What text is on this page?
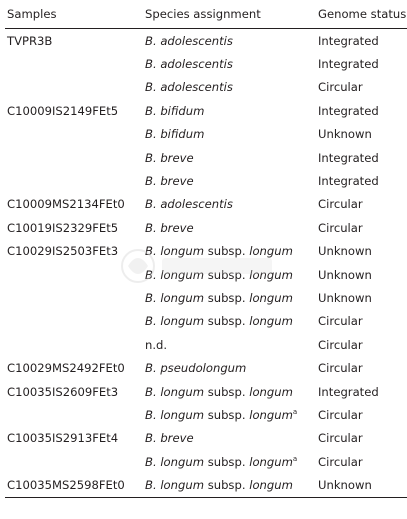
Samples	Species assignment	Genome status
TVPR3B	B. adolescentis	Integrated
	B. adolescentis	Integrated
	B. adolescentis	Circular
C10009IS2149FEt5	B. bifidum	Integrated
	B. bifidum	Unknown
	B. breve	Integrated
	B. breve	Integrated
C10009MS2134FEt0	B. adolescentis	Circular
C10019IS2329FEt5	B. breve	Circular
C10029IS2503FEt3	B. longum subsp. longum	Unknown
	B. longum subsp. longum	Unknown
	B. longum subsp. longum	Unknown
	B. longum subsp. longum	Circular
	n.d.	Circular
C10029MS2492FEt0	B. pseudolongum	Circular
C10035IS2609FEt3	B. longum subsp. longum	Integrated
	B. longum subsp. longum$^a$	Circular
C10035IS2913FEt4	B. breve	Circular
	B. longum subsp. longum$^a$	Circular
C10035MS2598FEt0	B. longum subsp. longum	Unknown
